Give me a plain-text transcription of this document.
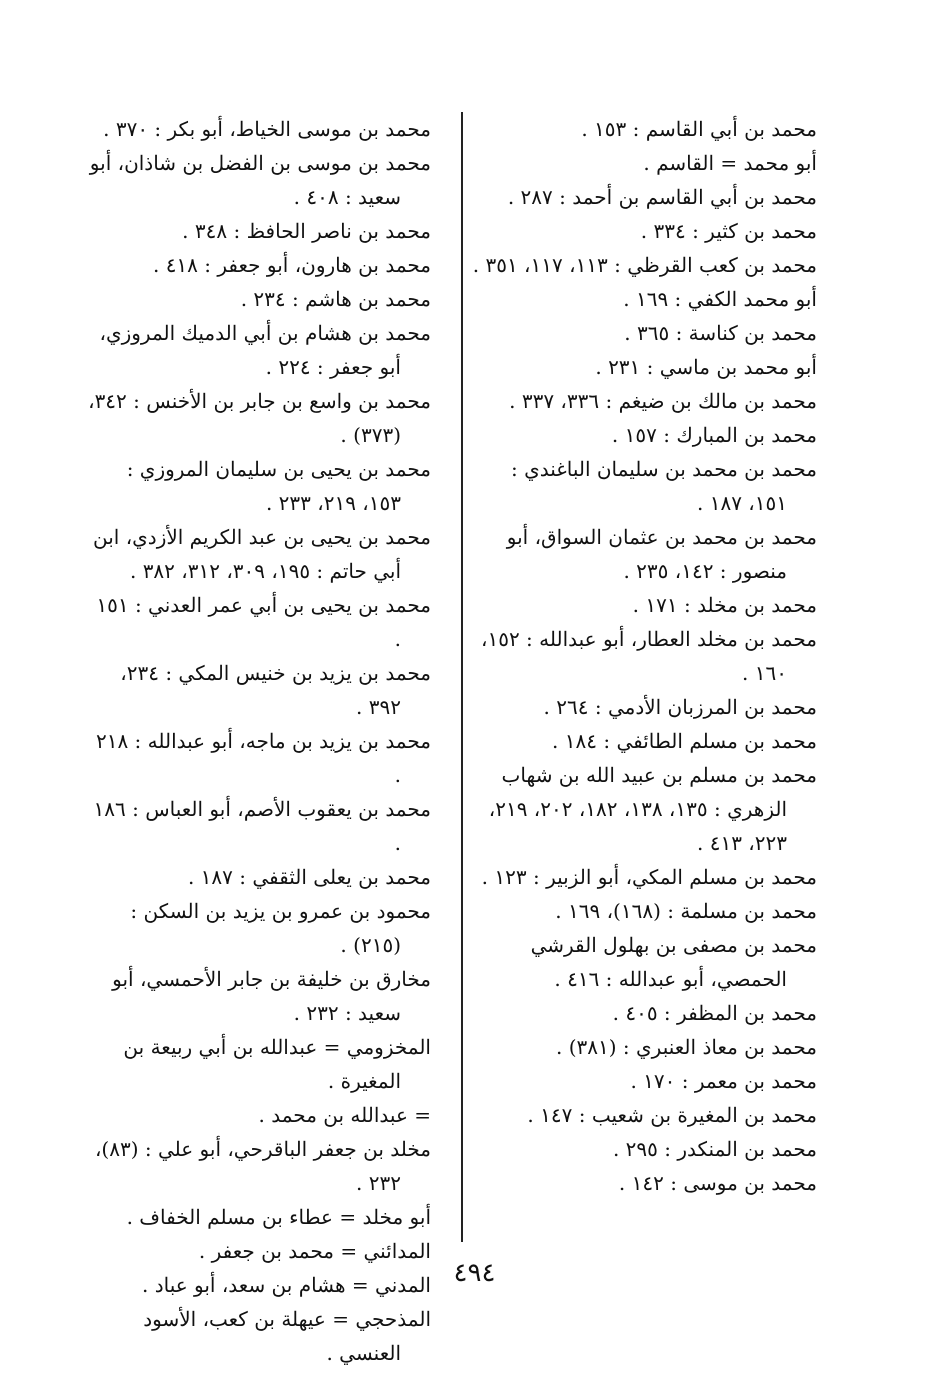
محمد بن أبي القاسم : ١٥٣ .

أبو محمد = القاسم .

محمد بن أبي القاسم بن أحمد : ٢٨٧ .

محمد بن كثير : ٣٣٤ .

محمد بن كعب القرظي : ١١٣، ١١٧، ٣٥١ .

أبو محمد الكفي : ١٦٩ .

محمد بن كناسة : ٣٦٥ .

أبو محمد بن ماسي : ٢٣١ .

محمد بن مالك بن ضيغم : ٣٣٦، ٣٣٧ .

محمد بن المبارك : ١٥٧ .

محمد بن محمد بن سليمان الباغندي : ١٥١، ١٨٧ .

محمد بن محمد بن عثمان السواق، أبو منصور : ١٤٢، ٢٣٥ .

محمد بن مخلد : ١٧١ .

محمد بن مخلد العطار، أبو عبدالله : ١٥٢، ١٦٠ .

محمد بن المرزبان الأدمي : ٢٦٤ .

محمد بن مسلم الطائفي : ١٨٤ .

محمد بن مسلم بن عبيد الله بن شهاب الزهري : ١٣٥، ١٣٨، ١٨٢، ٢٠٢، ٢١٩، ٢٢٣، ٤١٣ .

محمد بن مسلم المكي، أبو الزبير : ١٢٣ .

محمد بن مسلمة : (١٦٨)، ١٦٩ .

محمد بن مصفى بن بهلول القرشي الحمصي، أبو عبدالله : ٤١٦ .

محمد بن المظفر : ٤٠٥ .

محمد بن معاذ العنبري : (٣٨١) .

محمد بن معمر : ١٧٠ .

محمد بن المغيرة بن شعيب : ١٤٧ .

محمد بن المنكدر : ٢٩٥ .

محمد بن موسى : ١٤٢ .

محمد بن موسى الخياط، أبو بكر : ٣٧٠ .

محمد بن موسى بن الفضل بن شاذان، أبو سعيد : ٤٠٨ .

محمد بن ناصر الحافظ : ٣٤٨ .

محمد بن هارون، أبو جعفر : ٤١٨ .

محمد بن هاشم : ٢٣٤ .

محمد بن هشام بن أبي الدميك المروزي، أبو جعفر : ٢٢٤ .

محمد بن واسع بن جابر بن الأخنس : ٣٤٢، (٣٧٣) .

محمد بن يحيى بن سليمان المروزي : ١٥٣، ٢١٩، ٢٣٣ .

محمد بن يحيى بن عبد الكريم الأزدي، ابن أبي حاتم : ١٩٥، ٣٠٩، ٣١٢، ٣٨٢ .

محمد بن يحيى بن أبي عمر العدني : ١٥١ .

محمد بن يزيد بن خنيس المكي : ٢٣٤، ٣٩٢ .

محمد بن يزيد بن ماجه، أبو عبدالله : ٢١٨ .

محمد بن يعقوب الأصم، أبو العباس : ١٨٦ .

محمد بن يعلى الثقفي : ١٨٧ .

محمود بن عمرو بن يزيد بن السكن : (٢١٥) .

مخارق بن خليفة بن جابر الأحمسي، أبو سعيد : ٢٣٢ .

المخزومي = عبدالله بن أبي ربيعة بن المغيرة .

= عبدالله بن محمد .

مخلد بن جعفر الباقرحي، أبو علي : (٨٣)، ٢٣٢ .

أبو مخلد = عطاء بن مسلم الخفاف .

المدائني = محمد بن جعفر .

المدني = هشام بن سعد، أبو عباد .

المذحجي = عيهلة بن كعب، الأسود العنسي .

٤٩٤
